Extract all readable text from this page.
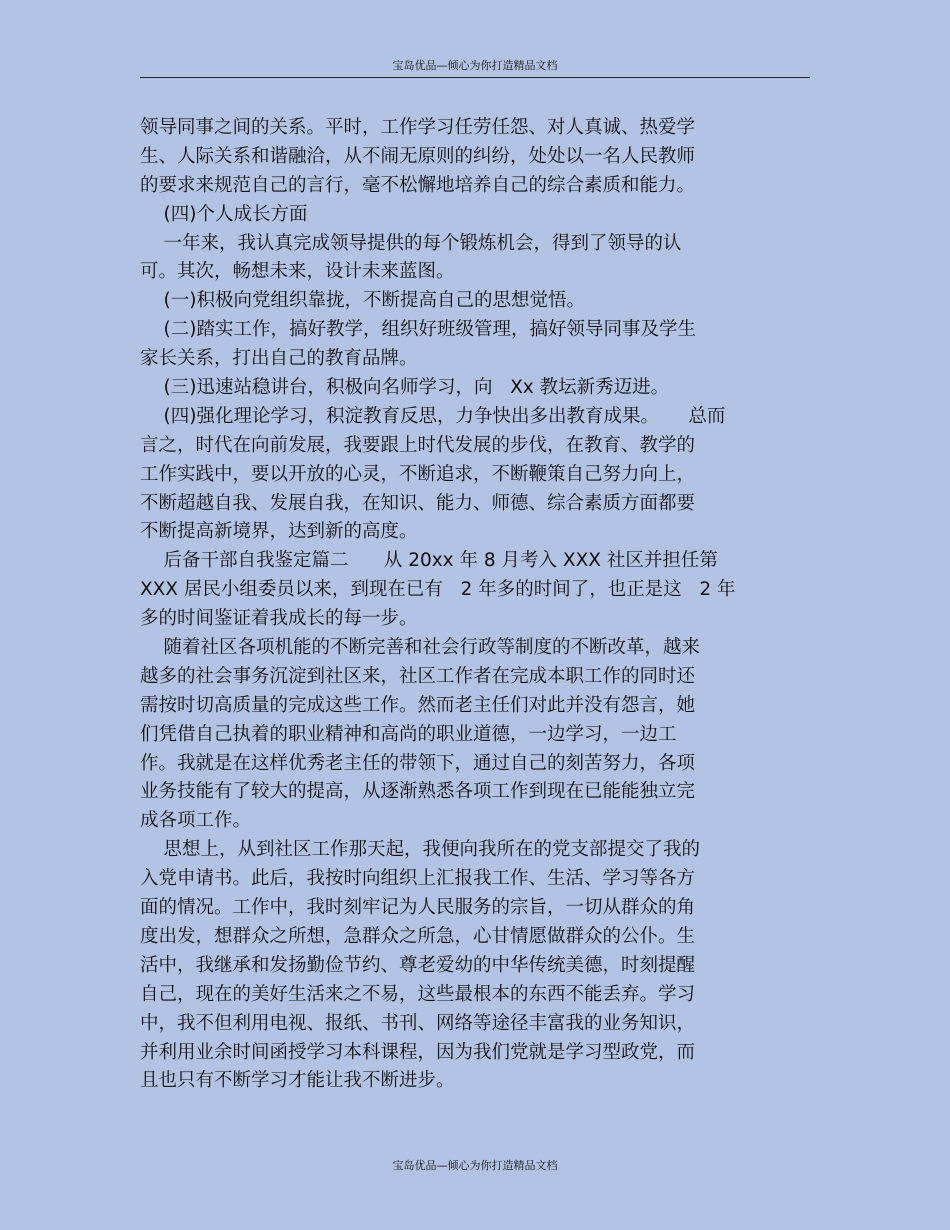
宝岛优品—倾心为你打造精品文档
领导同事之间的关系。平时，工作学习任劳任怨、对人真诚、热爱学
生、人际关系和谐融洽，从不闹无原则的纠纷，处处以一名人民教师
的要求来规范自己的言行，毫不松懈地培养自己的综合素质和能力。
(四)个人成长方面
一年来，我认真完成领导提供的每个锻炼机会，得到了领导的认
可。其次，畅想未来，设计未来蓝图。
(一)积极向党组织靠拢，不断提高自己的思想觉悟。
(二)踏实工作，搞好教学，组织好班级管理，搞好领导同事及学生
家长关系，打出自己的教育品牌。
(三)迅速站稳讲台，积极向名师学习，向   Xx 教坛新秀迈进。
(四)强化理论学习，积淀教育反思，力争快出多出教育成果。     总而
言之，时代在向前发展，我要跟上时代发展的步伐，在教育、教学的
工作实践中，要以开放的心灵，不断追求，不断鞭策自己努力向上，
不断超越自我、发展自我，在知识、能力、师德、综合素质方面都要
不断提高新境界，达到新的高度。
后备干部自我鉴定篇二      从 20xx 年 8 月考入 XXX 社区并担任第
XXX 居民小组委员以来，到现在已有   2 年多的时间了，也正是这   2 年
多的时间鉴证着我成长的每一步。
随着社区各项机能的不断完善和社会行政等制度的不断改革，越来
越多的社会事务沉淀到社区来，社区工作者在完成本职工作的同时还
需按时切高质量的完成这些工作。然而老主任们对此并没有怨言，她
们凭借自己执着的职业精神和高尚的职业道德，一边学习，一边工
作。我就是在这样优秀老主任的带领下，通过自己的刻苦努力，各项
业务技能有了较大的提高，从逐渐熟悉各项工作到现在已能能独立完
成各项工作。
思想上，从到社区工作那天起，我便向我所在的党支部提交了我的
入党申请书。此后，我按时向组织上汇报我工作、生活、学习等各方
面的情况。工作中，我时刻牢记为人民服务的宗旨，一切从群众的角
度出发，想群众之所想，急群众之所急，心甘情愿做群众的公仆。生
活中，我继承和发扬勤俭节约、尊老爱幼的中华传统美德，时刻提醒
自己，现在的美好生活来之不易，这些最根本的东西不能丢弃。学习
中，我不但利用电视、报纸、书刊、网络等途径丰富我的业务知识，
并利用业余时间函授学习本科课程，因为我们党就是学习型政党，而
且也只有不断学习才能让我不断进步。
宝岛优品—倾心为你打造精品文档
